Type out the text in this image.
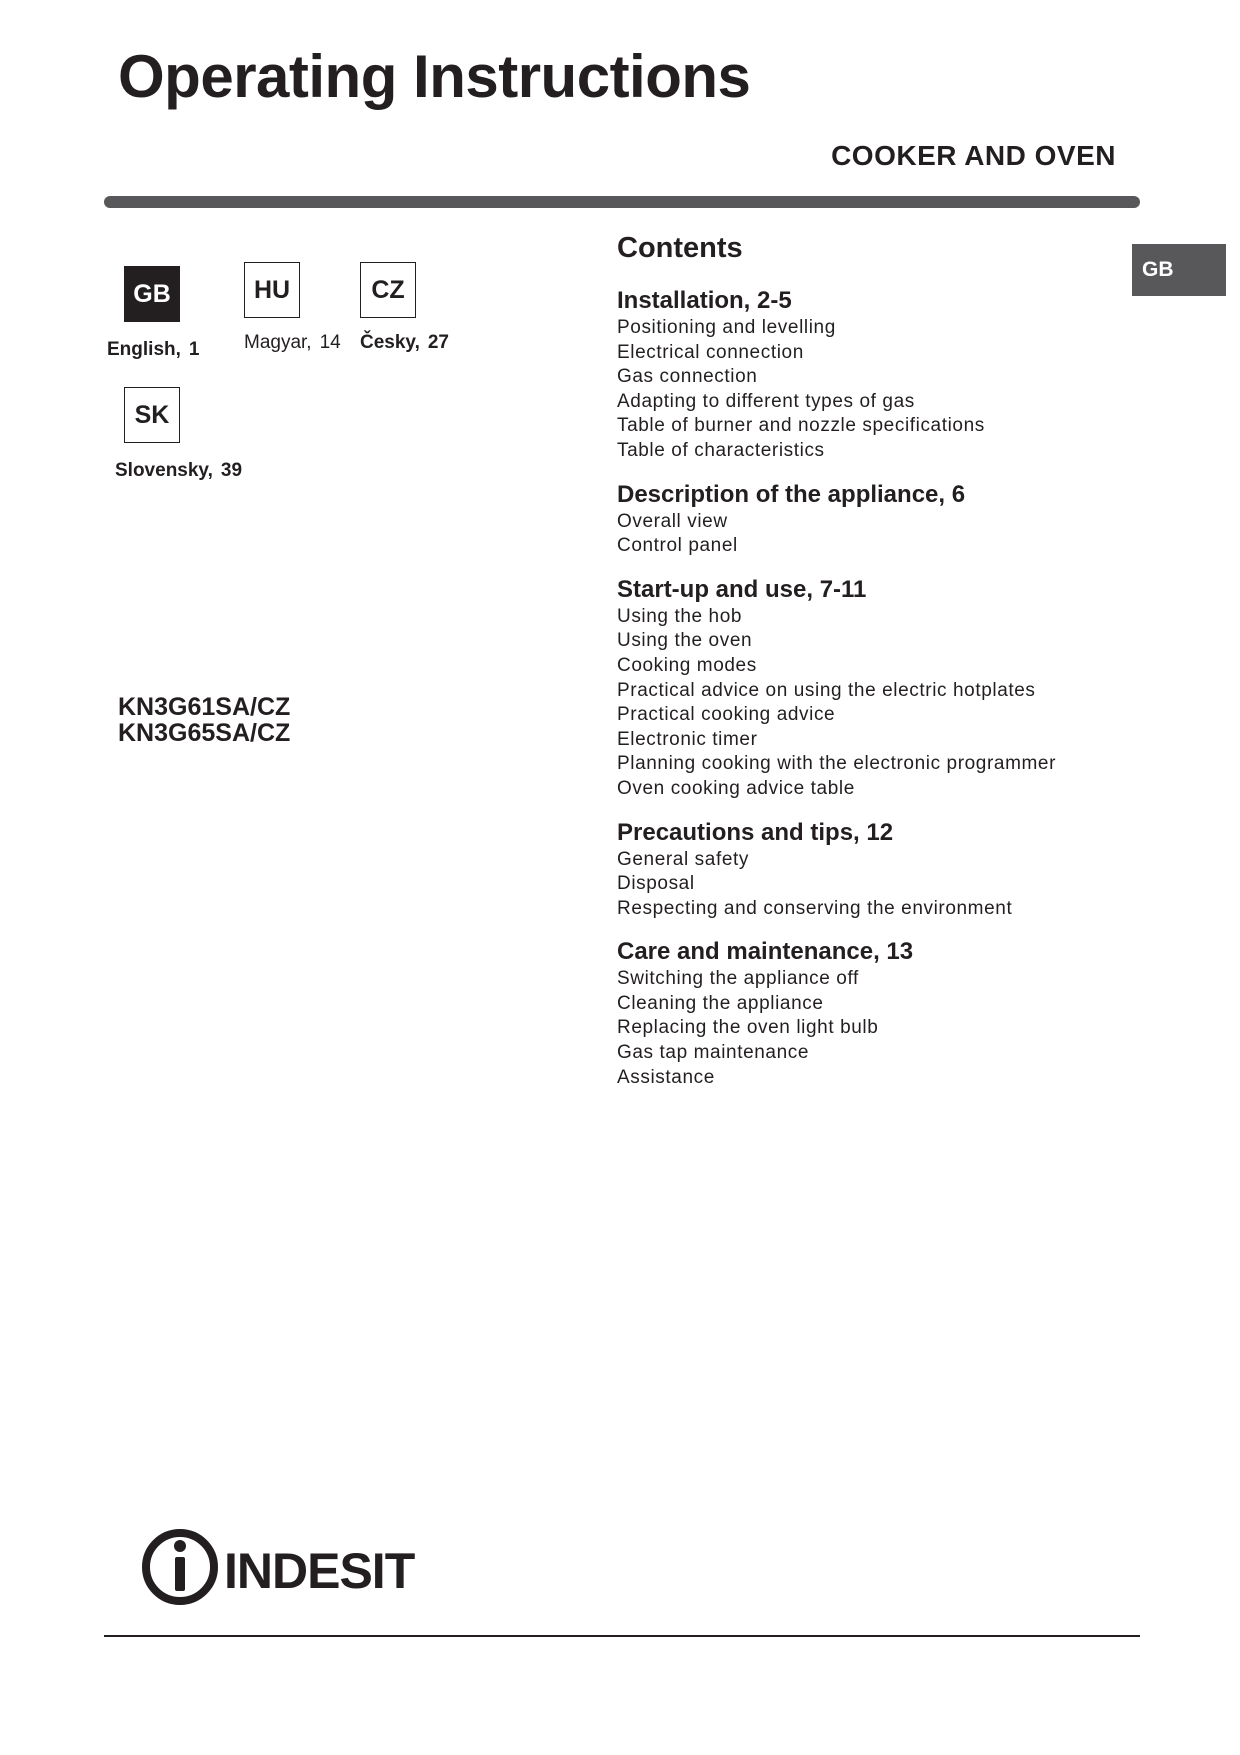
Operating Instructions
COOKER AND OVEN
GB
English, 1
HU
Magyar, 14
CZ
Česky, 27
SK
Slovensky, 39
KN3G61SA/CZ
KN3G65SA/CZ
Contents
Installation, 2-5
Positioning and levelling
Electrical connection
Gas connection
Adapting to different types of gas
Table of burner and nozzle specifications
Table of characteristics
Description of the appliance, 6
Overall view
Control panel
Start-up and use, 7-11
Using the hob
Using the oven
Cooking modes
Practical advice on using the electric hotplates
Practical cooking advice
Electronic timer
Planning cooking with the electronic programmer
Oven cooking advice table
Precautions and tips, 12
General safety
Disposal
Respecting and conserving the environment
Care and maintenance, 13
Switching the appliance off
Cleaning the appliance
Replacing the oven light bulb
Gas tap maintenance
Assistance
GB
INDESIT
